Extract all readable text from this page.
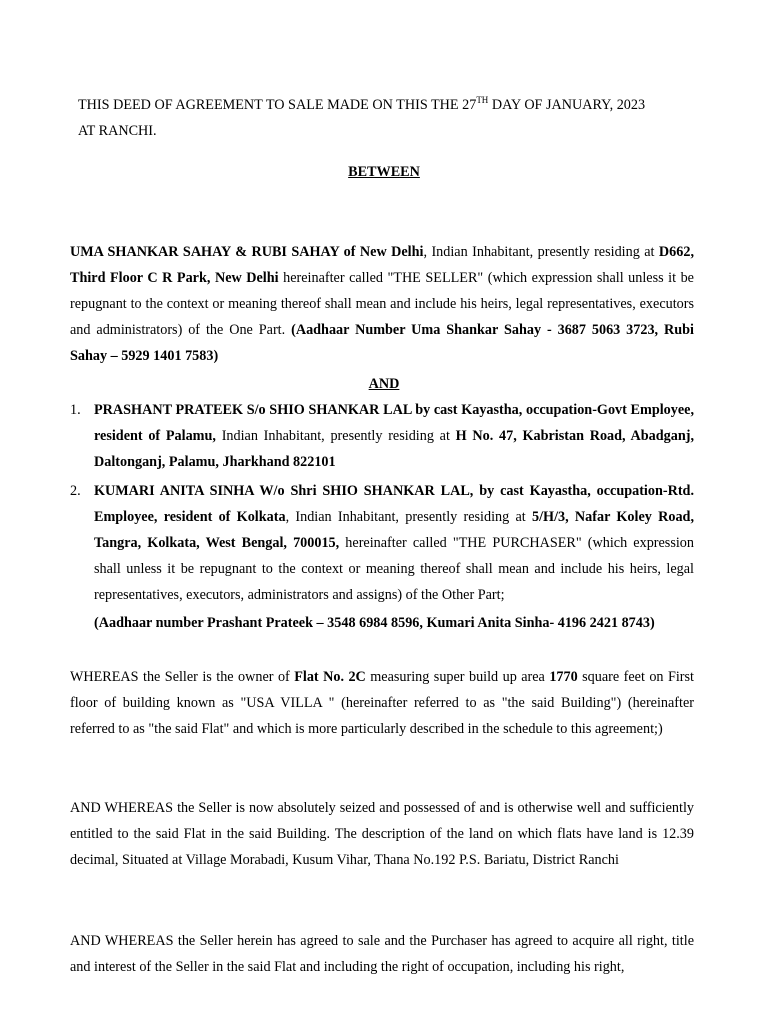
THIS DEED OF AGREEMENT TO SALE MADE ON THIS THE 27TH DAY OF JANUARY, 2023
AT RANCHI.
BETWEEN
UMA SHANKAR SAHAY & RUBI SAHAY of New Delhi, Indian Inhabitant, presently residing at D662, Third Floor C R Park, New Delhi hereinafter called "THE SELLER" (which expression shall unless it be repugnant to the context or meaning thereof shall mean and include his heirs, legal representatives, executors and administrators) of the One Part. (Aadhaar Number Uma Shankar Sahay - 3687 5063 3723, Rubi Sahay – 5929 1401 7583)
AND
1. PRASHANT PRATEEK S/o SHIO SHANKAR LAL by cast Kayastha, occupation-Govt Employee, resident of Palamu, Indian Inhabitant, presently residing at H No. 47, Kabristan Road, Abadganj, Daltonganj, Palamu, Jharkhand 822101
2. KUMARI ANITA SINHA W/o Shri SHIO SHANKAR LAL, by cast Kayastha, occupation-Rtd. Employee, resident of Kolkata, Indian Inhabitant, presently residing at 5/H/3, Nafar Koley Road, Tangra, Kolkata, West Bengal, 700015, hereinafter called "THE PURCHASER" (which expression shall unless it be repugnant to the context or meaning thereof shall mean and include his heirs, legal representatives, executors, administrators and assigns) of the Other Part;
(Aadhaar number Prashant Prateek – 3548 6984 8596, Kumari Anita Sinha- 4196 2421 8743)
WHEREAS the Seller is the owner of Flat No. 2C measuring super build up area 1770 square feet on First floor of building known as "USA VILLA " (hereinafter referred to as "the said Building") (hereinafter referred to as "the said Flat" and which is more particularly described in the schedule to this agreement;)
AND WHEREAS the Seller is now absolutely seized and possessed of and is otherwise well and sufficiently entitled to the said Flat in the said Building. The description of the land on which flats have land is 12.39 decimal, Situated at Village Morabadi, Kusum Vihar, Thana No.192 P.S. Bariatu, District Ranchi
AND WHEREAS the Seller herein has agreed to sale and the Purchaser has agreed to acquire all right, title and interest of the Seller in the said Flat and including the right of occupation, including his right,
